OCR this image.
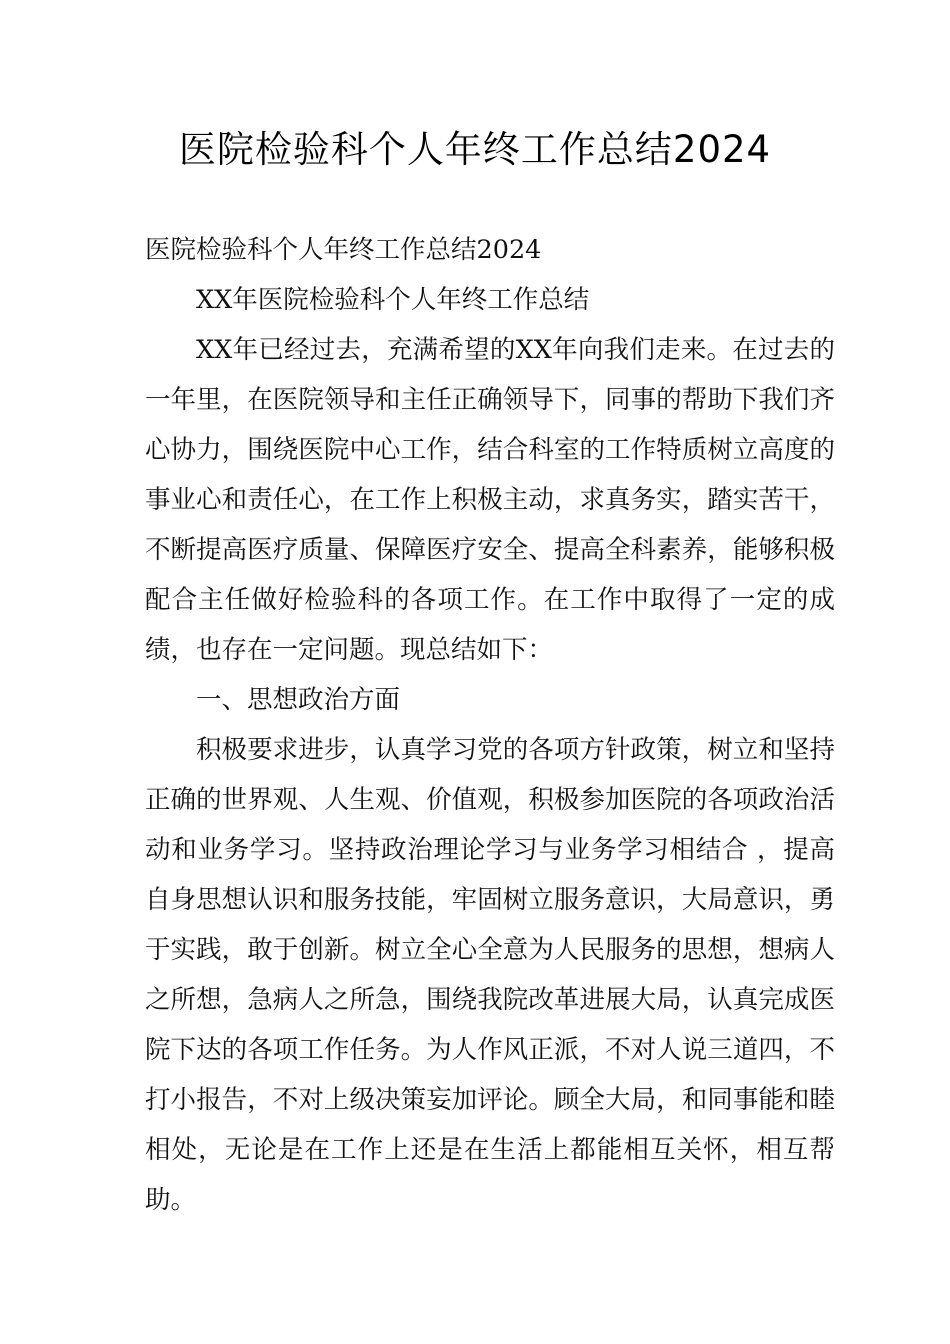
医院检验科个人年终工作总结2024
医院检验科个人年终工作总结2024
XX年医院检验科个人年终工作总结

XX年已经过去，充满希望的XX年向我们走来。在过去的一年里，在医院领导和主任正确领导下，同事的帮助下我们齐心协力，围绕医院中心工作，结合科室的工作特质树立高度的事业心和责任心，在工作上积极主动，求真务实，踏实苦干，不断提高医疗质量、保障医疗安全、提高全科素养，能够积极配合主任做好检验科的各项工作。在工作中取得了一定的成绩，也存在一定问题。现总结如下：

一、思想政治方面

积极要求进步，认真学习党的各项方针政策，树立和坚持正确的世界观、人生观、价值观，积极参加医院的各项政治活动和业务学习。坚持政治理论学习与业务学习相结合 ，提高自身思想认识和服务技能，牢固树立服务意识，大局意识，勇于实践，敢于创新。树立全心全意为人民服务的思想，想病人之所想，急病人之所急，围绕我院改革进展大局，认真完成医院下达的各项工作任务。为人作风正派，不对人说三道四，不打小报告，不对上级决策妄加评论。顾全大局，和同事能和睦相处，无论是在工作上还是在生活上都能相互关怀，相互帮助。
